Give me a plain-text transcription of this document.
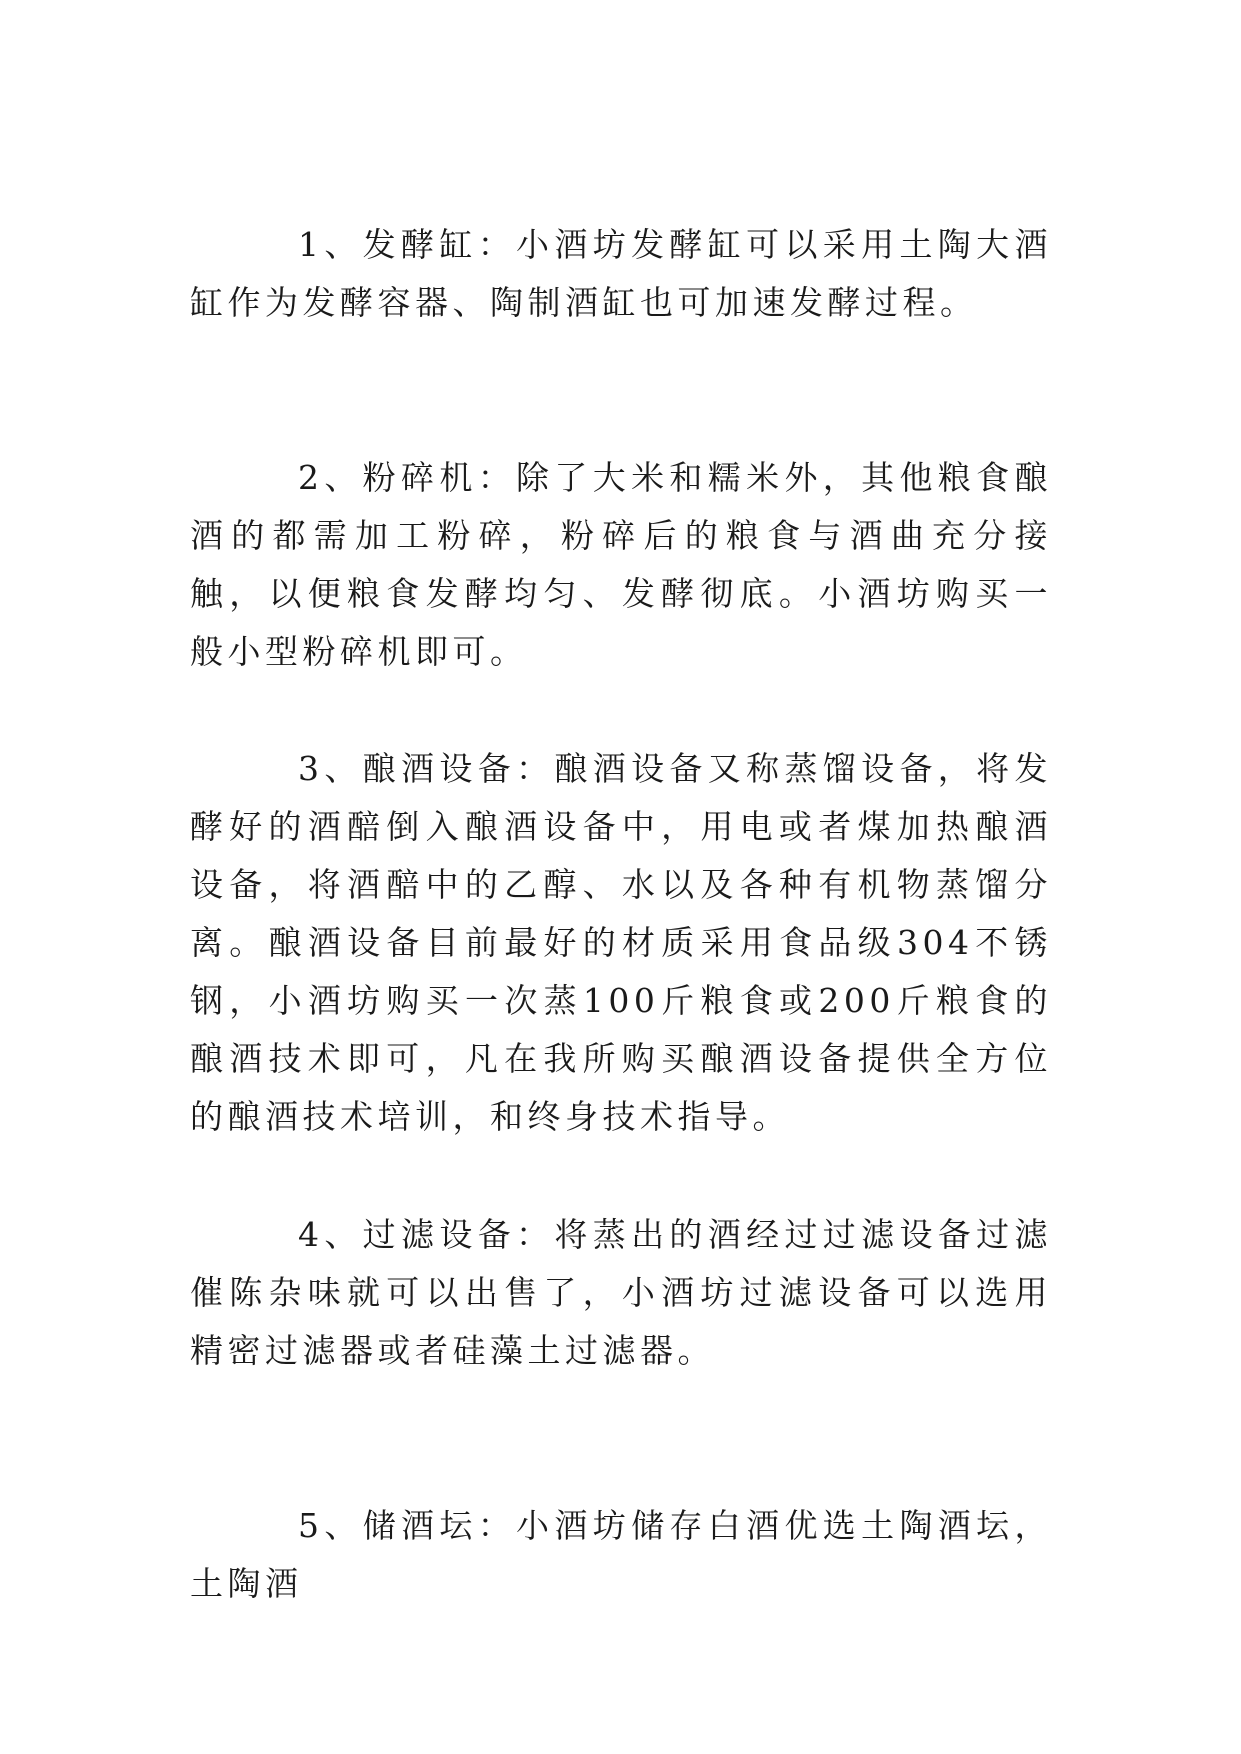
1、发酵缸：小酒坊发酵缸可以采用土陶大酒缸作为发酵容器、陶制酒缸也可加速发酵过程。

2、粉碎机：除了大米和糯米外，其他粮食酿酒的都需加工粉碎，粉碎后的粮食与酒曲充分接触，以便粮食发酵均匀、发酵彻底。小酒坊购买一般小型粉碎机即可。

3、酿酒设备：酿酒设备又称蒸馏设备，将发酵好的酒醅倒入酿酒设备中，用电或者煤加热酿酒设备，将酒醅中的乙醇、水以及各种有机物蒸馏分离。酿酒设备目前最好的材质采用食品级304不锈钢，小酒坊购买一次蒸100斤粮食或200斤粮食的酿酒技术即可，凡在我所购买酿酒设备提供全方位的酿酒技术培训，和终身技术指导。

4、过滤设备：将蒸出的酒经过过滤设备过滤催陈杂味就可以出售了，小酒坊过滤设备可以选用精密过滤器或者硅藻土过滤器。

5、储酒坛：小酒坊储存白酒优选土陶酒坛，土陶酒
